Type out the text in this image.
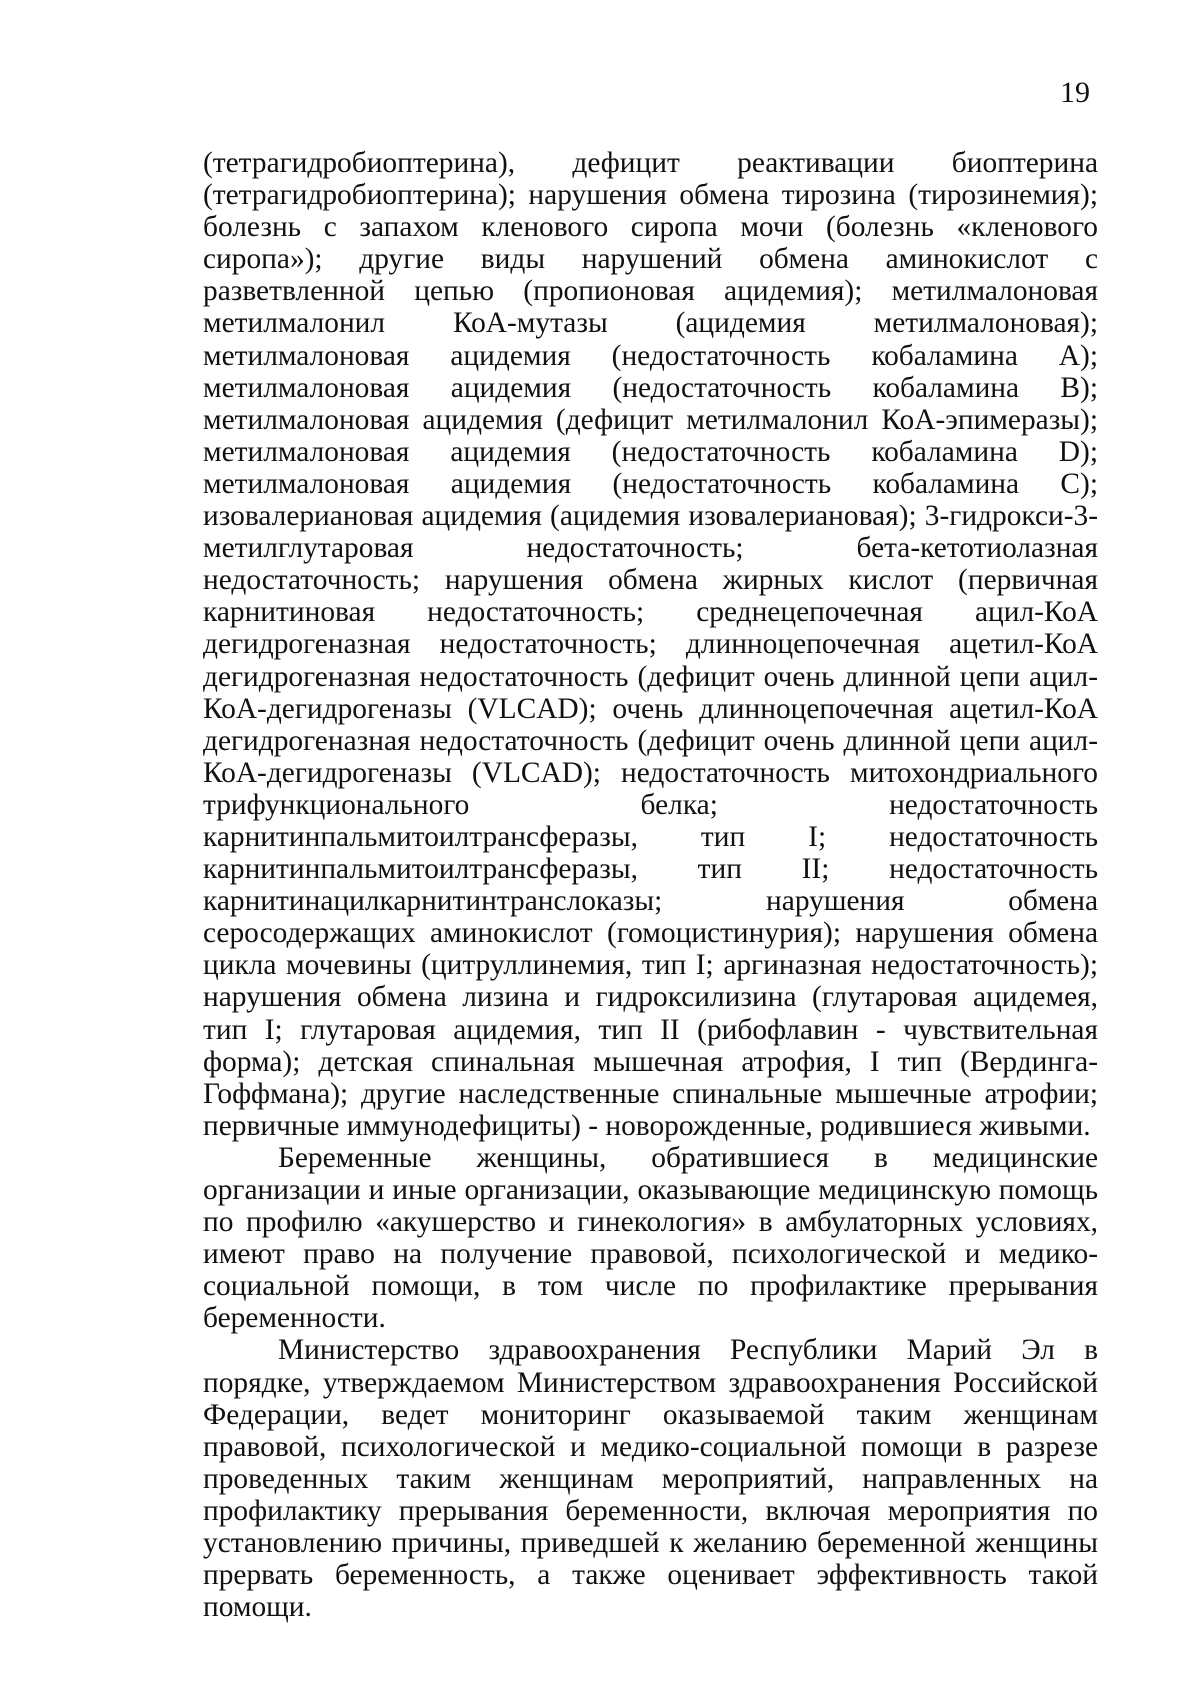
19

(тетрагидробиоптерина), дефицит реактивации биоптерина (тетрагидробиоптерина); нарушения обмена тирозина (тирозинемия); болезнь с запахом кленового сиропа мочи (болезнь «кленового сиропа»); другие виды нарушений обмена аминокислот с разветвленной цепью (пропионовая ацидемия); метилмалоновая метилмалонил КоА-мутазы (ацидемия метилмалоновая); метилмалоновая ацидемия (недостаточность кобаламина А); метилмалоновая ацидемия (недостаточность кобаламина В); метилмалоновая ацидемия (дефицит метилмалонил КоА-эпимеразы); метилмалоновая ацидемия (недостаточность кобаламина D); метилмалоновая ацидемия (недостаточность кобаламина С); изовалериановая ацидемия (ацидемия изовалериановая); 3-гидрокси-3-метилглутаровая недостаточность; бета-кетотиолазная недостаточность; нарушения обмена жирных кислот (первичная карнитиновая недостаточность; среднецепочечная ацил-КоА дегидрогеназная недостаточность; длинноцепочечная ацетил-КоА дегидрогеназная недостаточность (дефицит очень длинной цепи ацил-КоА-дегидрогеназы (VLCAD); очень длинноцепочечная ацетил-КоА дегидрогеназная недостаточность (дефицит очень длинной цепи ацил-КоА-дегидрогеназы (VLCAD); недостаточность митохондриального трифункционального белка; недостаточность карнитинпальмитоилтрансферазы, тип I; недостаточность карнитинпальмитоилтрансферазы, тип II; недостаточность карнитинацилкарнитинтранслоказы; нарушения обмена серосодержащих аминокислот (гомоцистинурия); нарушения обмена цикла мочевины (цитруллинемия, тип I; аргиназная недостаточность); нарушения обмена лизина и гидроксилизина (глутаровая ацидемея, тип I; глутаровая ацидемия, тип II (рибофлавин - чувствительная форма); детская спинальная мышечная атрофия, I тип (Вердинга-Гоффмана); другие наследственные спинальные мышечные атрофии; первичные иммунодефициты) - новорожденные, родившиеся живыми.

Беременные женщины, обратившиеся в медицинские организации и иные организации, оказывающие медицинскую помощь по профилю «акушерство и гинекология» в амбулаторных условиях, имеют право на получение правовой, психологической и медико-социальной помощи, в том числе по профилактике прерывания беременности.

Министерство здравоохранения Республики Марий Эл в порядке, утверждаемом Министерством здравоохранения Российской Федерации, ведет мониторинг оказываемой таким женщинам правовой, психологической и медико-социальной помощи в разрезе проведенных таким женщинам мероприятий, направленных на профилактику прерывания беременности, включая мероприятия по установлению причины, приведшей к желанию беременной женщины прервать беременность, а также оценивает эффективность такой помощи.
